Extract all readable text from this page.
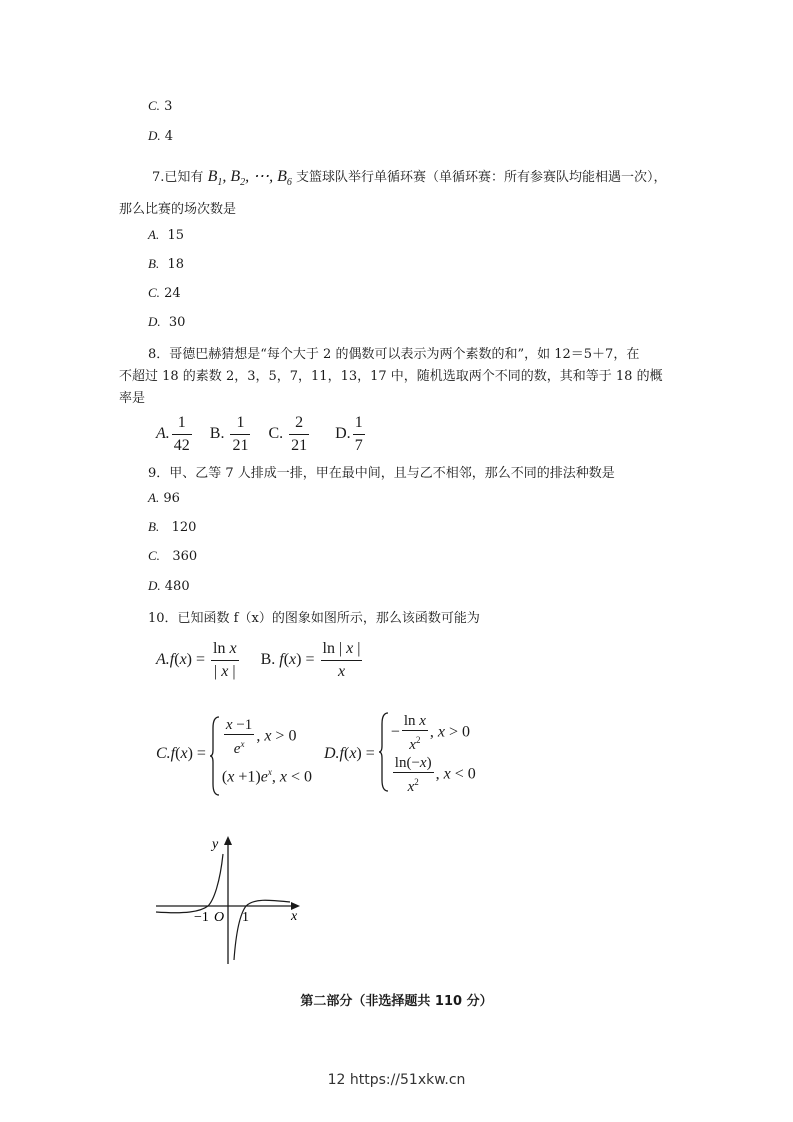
C. 3
D. 4
7.已知有 $B_1$, $B_2$, ⋯, $B_6$ 支篮球队举行单循环赛（单循环赛：所有参赛队均能相遇一次），
那么比赛的场次数是
A. 15
B. 18
C. 24
D. 30
8．哥德巴赫猜想是“每个大于 2 的偶数可以表示为两个素数的和”，如 12＝5＋7，在
不超过 18 的素数 2，3，5，7，11，13，17 中，随机选取两个不同的数，其和等于 18 的概
率是
A. $\frac{1}{42} B$. $\frac{1}{21} C$. $\frac{2}{21} D$. $\frac{1}{7}$
9．甲、乙等 7 人排成一排，甲在最中间，且与乙不相邻，那么不同的排法种数是
A. 96
B. 120
C. 360
D. 480
10．已知函数 f（x）的图象如图所示，那么该函数可能为
$A.f(x) = \frac{\text{ln x}}{| x |} B$. $f(x) = \frac{\ln | x |}{x}$
$C.f(x) = \frac{x -1}{e^x}$ , x > 0
$(x +1)e^x$, x < 0
D.f(x) =
− $\frac{\text{ln x}}{x^2}$ , x > 0
$\frac{\ln(-x)}{x^2}$ , x < 0
y
x
−1 O 1
第二部分（非选择题共 110 分）
12 https://51xkw.cn
